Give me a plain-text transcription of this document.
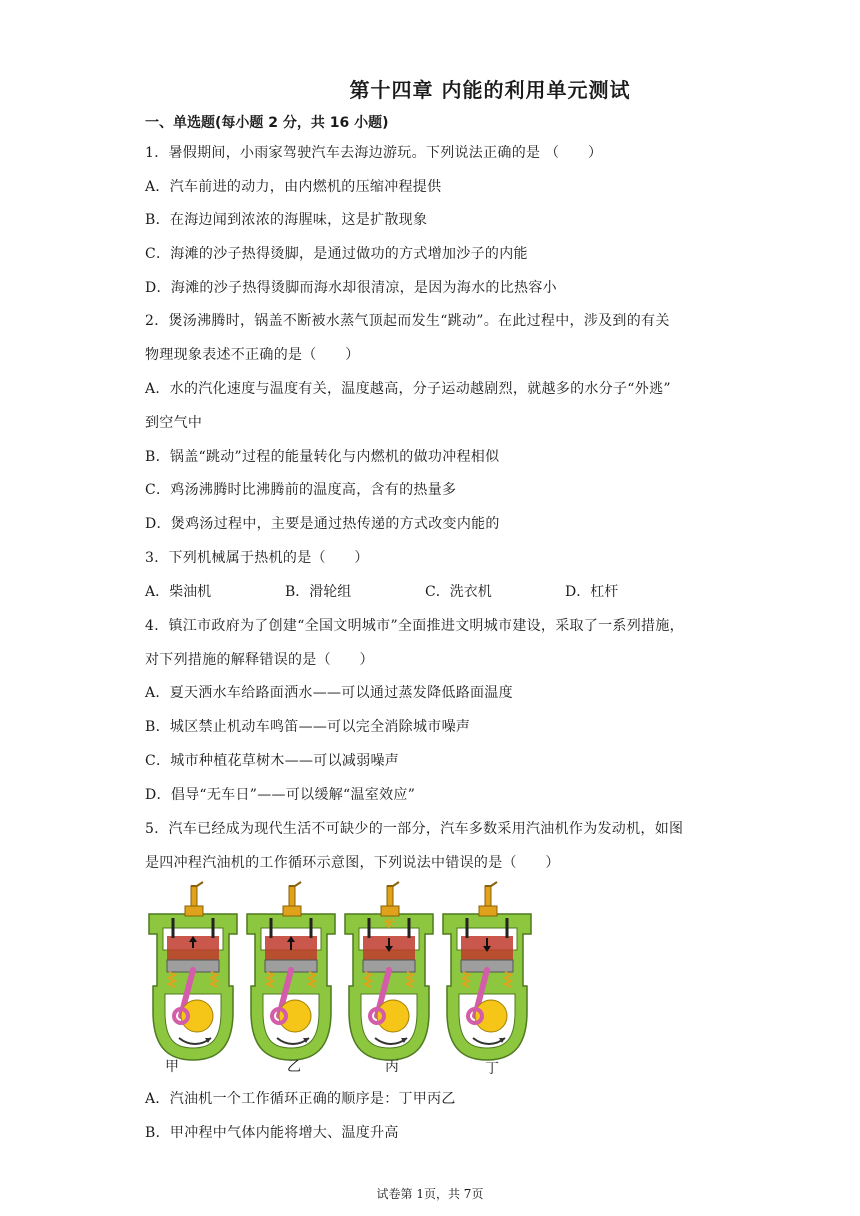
第十四章 内能的利用单元测试
一、单选题(每小题 2 分，共 16 小题)
1．暑假期间，小雨家驾驶汽车去海边游玩。下列说法正确的是 （　　）
A．汽车前进的动力，由内燃机的压缩冲程提供
B．在海边闻到浓浓的海腥味，这是扩散现象
C．海滩的沙子热得烫脚，是通过做功的方式增加沙子的内能
D．海滩的沙子热得烫脚而海水却很清凉，是因为海水的比热容小
2．煲汤沸腾时，锅盖不断被水蒸气顶起而发生“跳动”。在此过程中，涉及到的有关
物理现象表述不正确的是（　　）
A．水的汽化速度与温度有关，温度越高，分子运动越剧烈，就越多的水分子“外逃”
到空气中
B．锅盖“跳动”过程的能量转化与内燃机的做功冲程相似
C．鸡汤沸腾时比沸腾前的温度高，含有的热量多
D．煲鸡汤过程中，主要是通过热传递的方式改变内能的
3．下列机械属于热机的是（　　）
A．柴油机	B．滑轮组	C．洗衣机	D．杠杆
4．镇江市政府为了创建“全国文明城市”全面推进文明城市建设，采取了一系列措施，
对下列措施的解释错误的是（　　）
A．夏天洒水车给路面洒水——可以通过蒸发降低路面温度
B．城区禁止机动车鸣笛——可以完全消除城市噪声
C．城市种植花草树木——可以减弱噪声
D．倡导“无车日”——可以缓解“温室效应”
5．汽车已经成为现代生活不可缺少的一部分，汽车多数采用汽油机作为发动机，如图
是四冲程汽油机的工作循环示意图，下列说法中错误的是（　　）
甲	乙	丙	丁
A．汽油机一个工作循环正确的顺序是：丁甲丙乙
B．甲冲程中气体内能将增大、温度升高
试卷第 1页，共 7页
